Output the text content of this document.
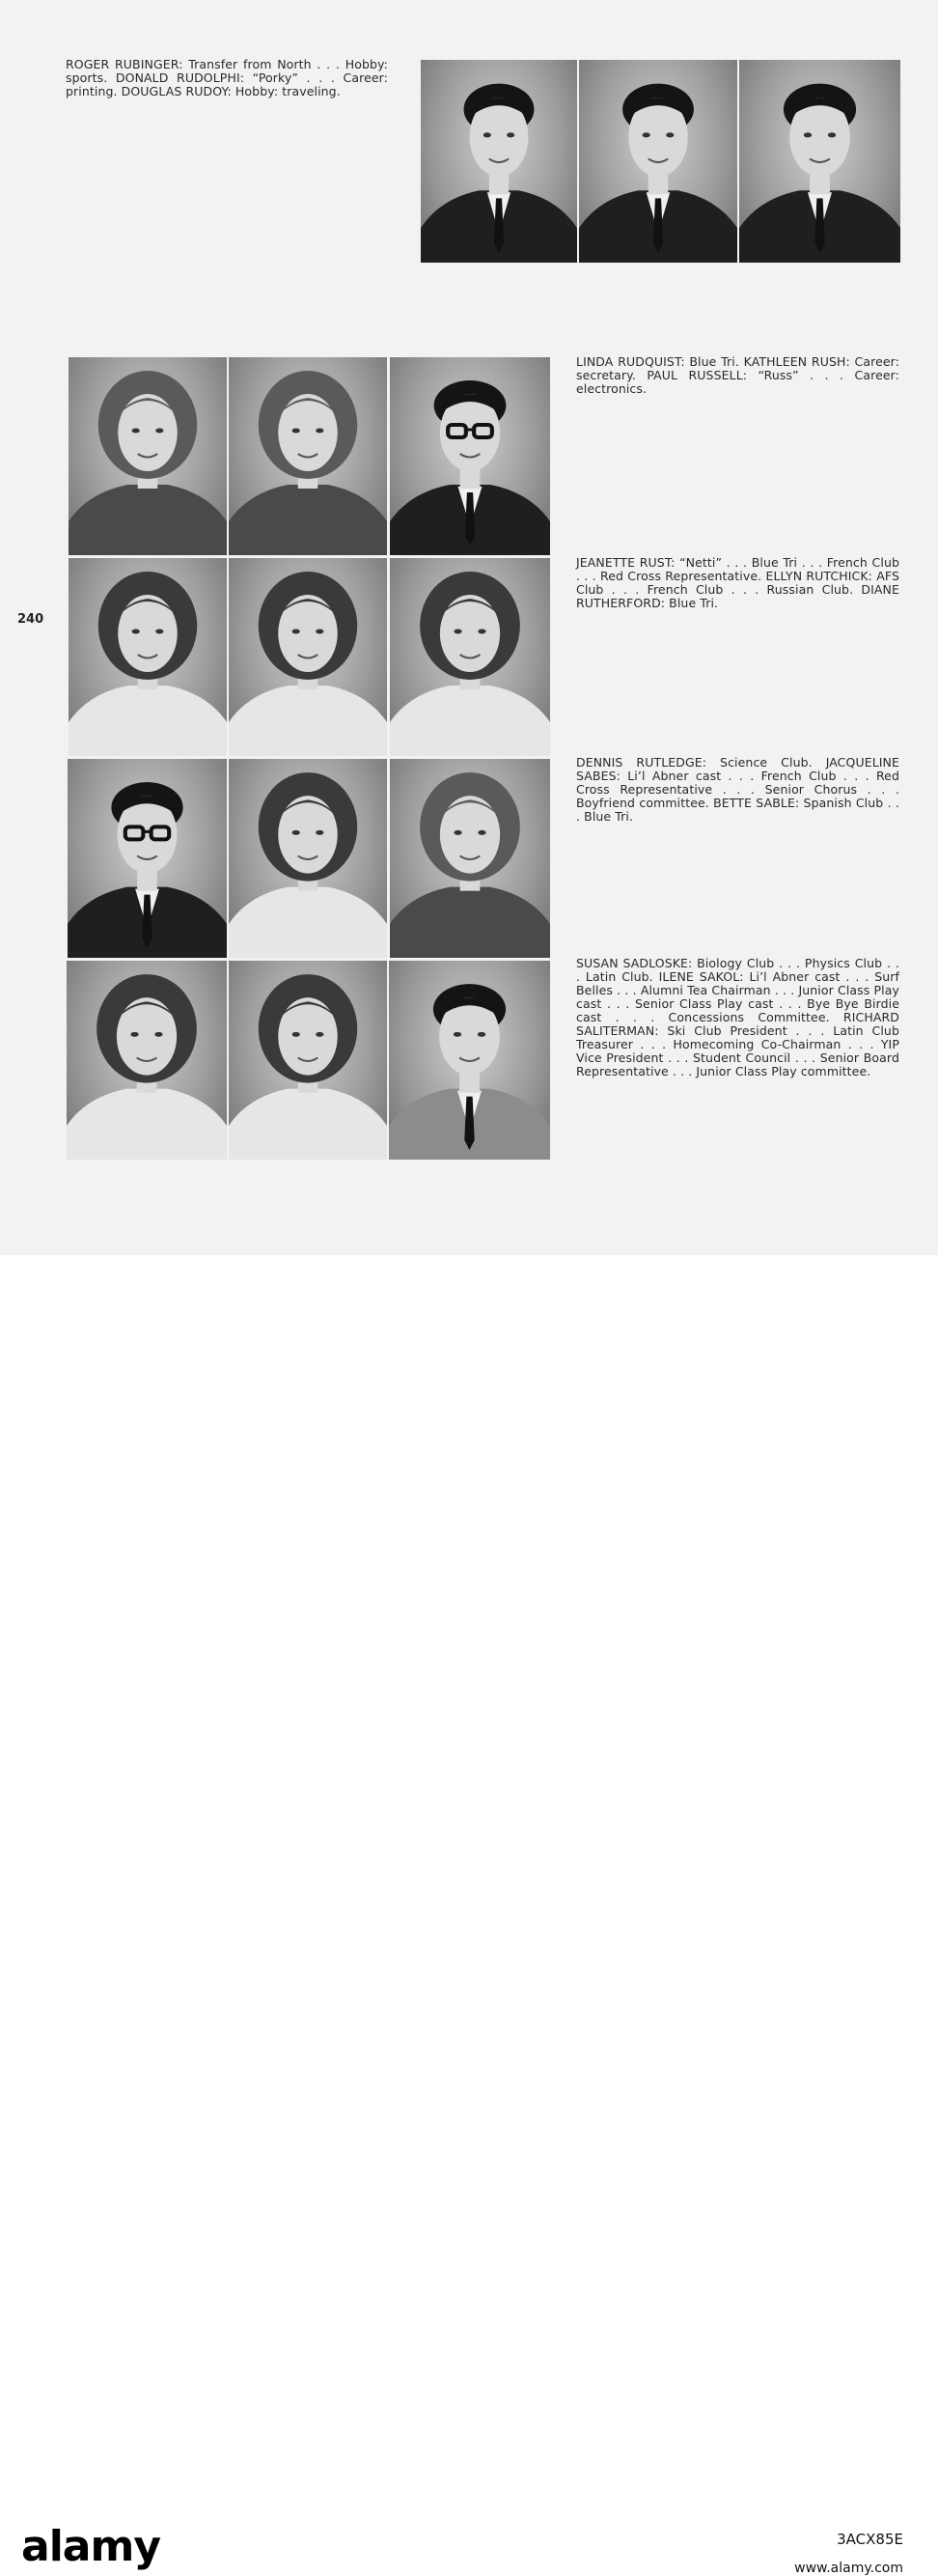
ROGER RUBINGER: Transfer from North . . . Hobby: sports. DONALD RUDOLPHI: “Porky” . . . Career: printing. DOUGLAS RUDOY: Hobby: traveling.
LINDA RUDQUIST: Blue Tri. KATHLEEN RUSH: Career: secretary. PAUL RUSSELL: “Russ” . . . Career: electronics.
JEANETTE RUST: “Netti” . . . Blue Tri . . . French Club . . . Red Cross Representative. ELLYN RUTCHICK: AFS Club . . . French Club . . . Russian Club. DIANE RUTHERFORD: Blue Tri.
DENNIS RUTLEDGE: Science Club. JACQUELINE SABES: Li’l Abner cast . . . French Club . . . Red Cross Representative . . . Senior Chorus . . . Boyfriend committee. BETTE SABLE: Spanish Club . . . Blue Tri.
SUSAN SADLOSKE: Biology Club . . . Physics Club . . . Latin Club. ILENE SAKOL: Li’l Abner cast . . . Surf Belles . . . Alumni Tea Chairman . . . Junior Class Play cast . . . Senior Class Play cast . . . Bye Bye Birdie cast . . . Concessions Committee. RICHARD SALITERMAN: Ski Club President . . . Latin Club Treasurer . . . Homecoming Co-Chairman . . . YIP Vice President . . . Student Council . . . Senior Board Representative . . . Junior Class Play committee.
240
alamy	3ACX85E
www.alamy.com
